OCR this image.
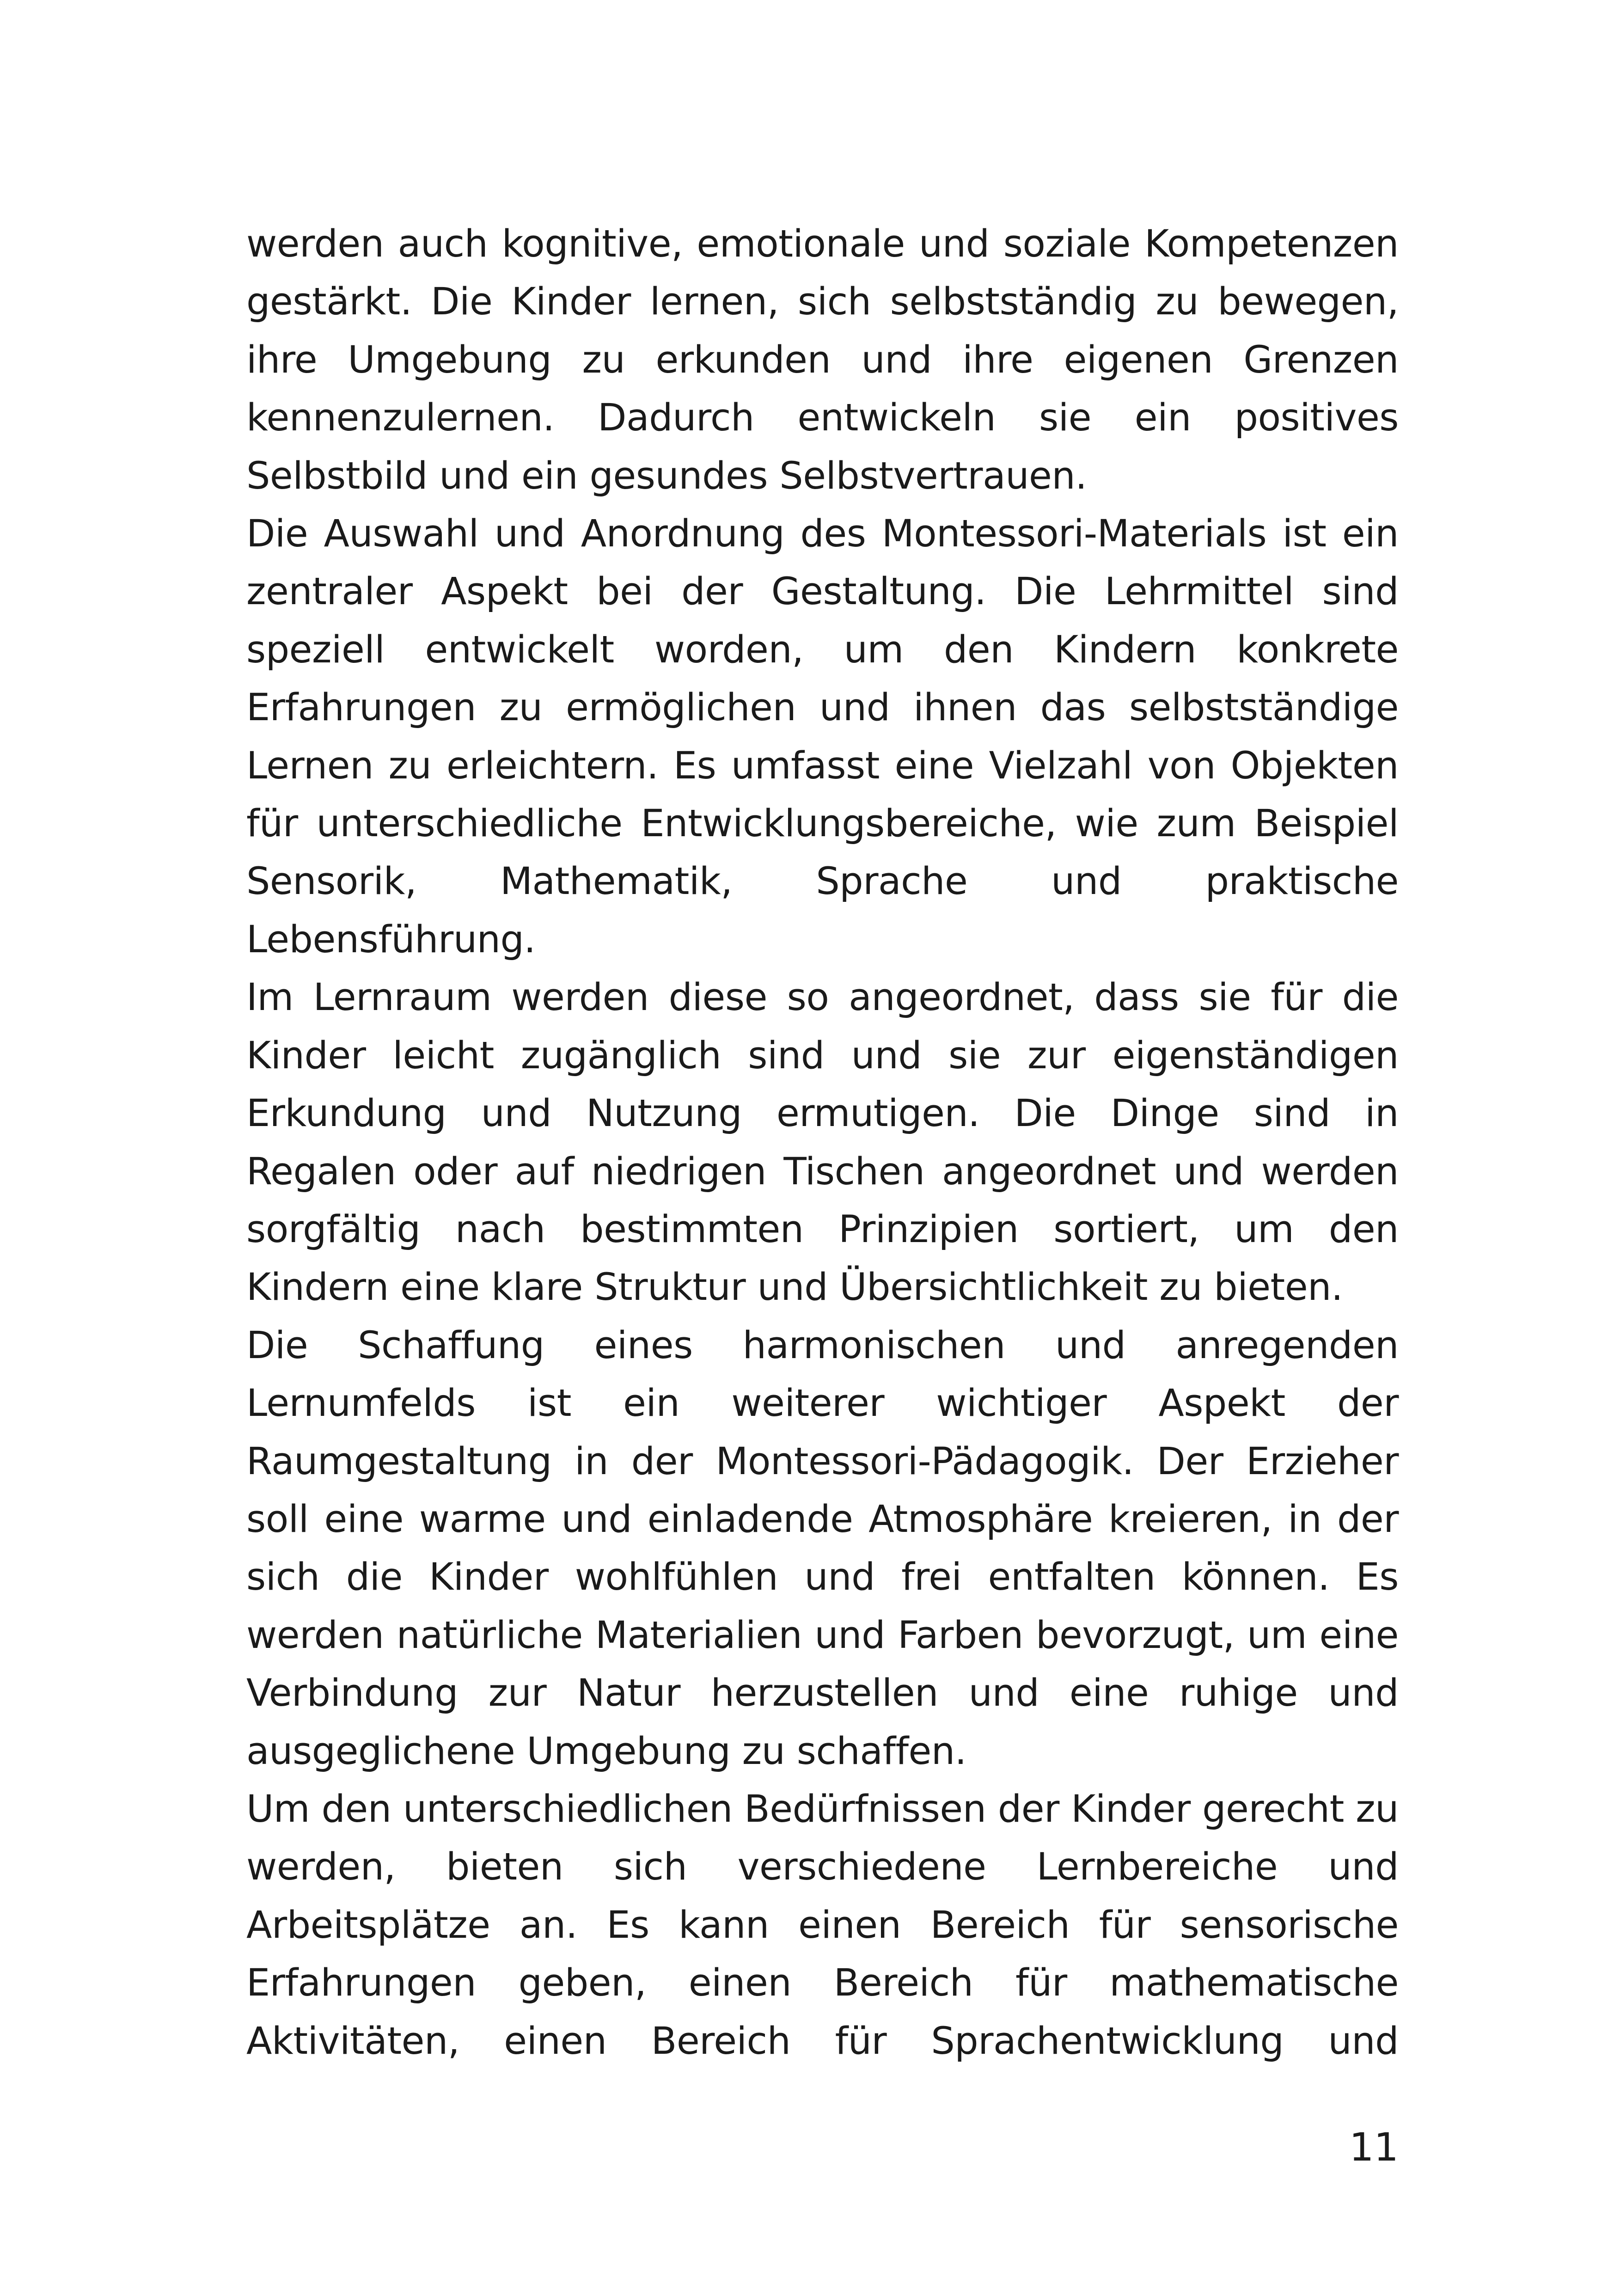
werden auch kognitive, emotionale und soziale Kompetenzen gestärkt. Die Kinder lernen, sich selbstständig zu bewegen, ihre Umgebung zu erkunden und ihre eigenen Grenzen kennenzulernen. Dadurch entwickeln sie ein positives Selbstbild und ein gesundes Selbstvertrauen.

Die Auswahl und Anordnung des Montessori-Materials ist ein zentraler Aspekt bei der Gestaltung. Die Lehrmittel sind speziell entwickelt worden, um den Kindern konkrete Erfahrungen zu ermöglichen und ihnen das selbstständige Lernen zu erleichtern. Es umfasst eine Vielzahl von Objekten für unterschiedliche Entwicklungsbereiche, wie zum Beispiel Sensorik, Mathematik, Sprache und praktische Lebensführung.

Im Lernraum werden diese so angeordnet, dass sie für die Kinder leicht zugänglich sind und sie zur eigenständigen Erkundung und Nutzung ermutigen. Die Dinge sind in Regalen oder auf niedrigen Tischen angeordnet und werden sorgfältig nach bestimmten Prinzipien sortiert, um den Kindern eine klare Struktur und Übersichtlichkeit zu bieten.

Die Schaffung eines harmonischen und anregenden Lernumfelds ist ein weiterer wichtiger Aspekt der Raumgestaltung in der Montessori-Pädagogik. Der Erzieher soll eine warme und einladende Atmosphäre kreieren, in der sich die Kinder wohlfühlen und frei entfalten können. Es werden natürliche Materialien und Farben bevorzugt, um eine Verbindung zur Natur herzustellen und eine ruhige und ausgeglichene Umgebung zu schaffen.

Um den unterschiedlichen Bedürfnissen der Kinder gerecht zu werden, bieten sich verschiedene Lernbereiche und Arbeitsplätze an. Es kann einen Bereich für sensorische Erfahrungen geben, einen Bereich für mathematische Aktivitäten, einen Bereich für Sprachentwicklung und

11
